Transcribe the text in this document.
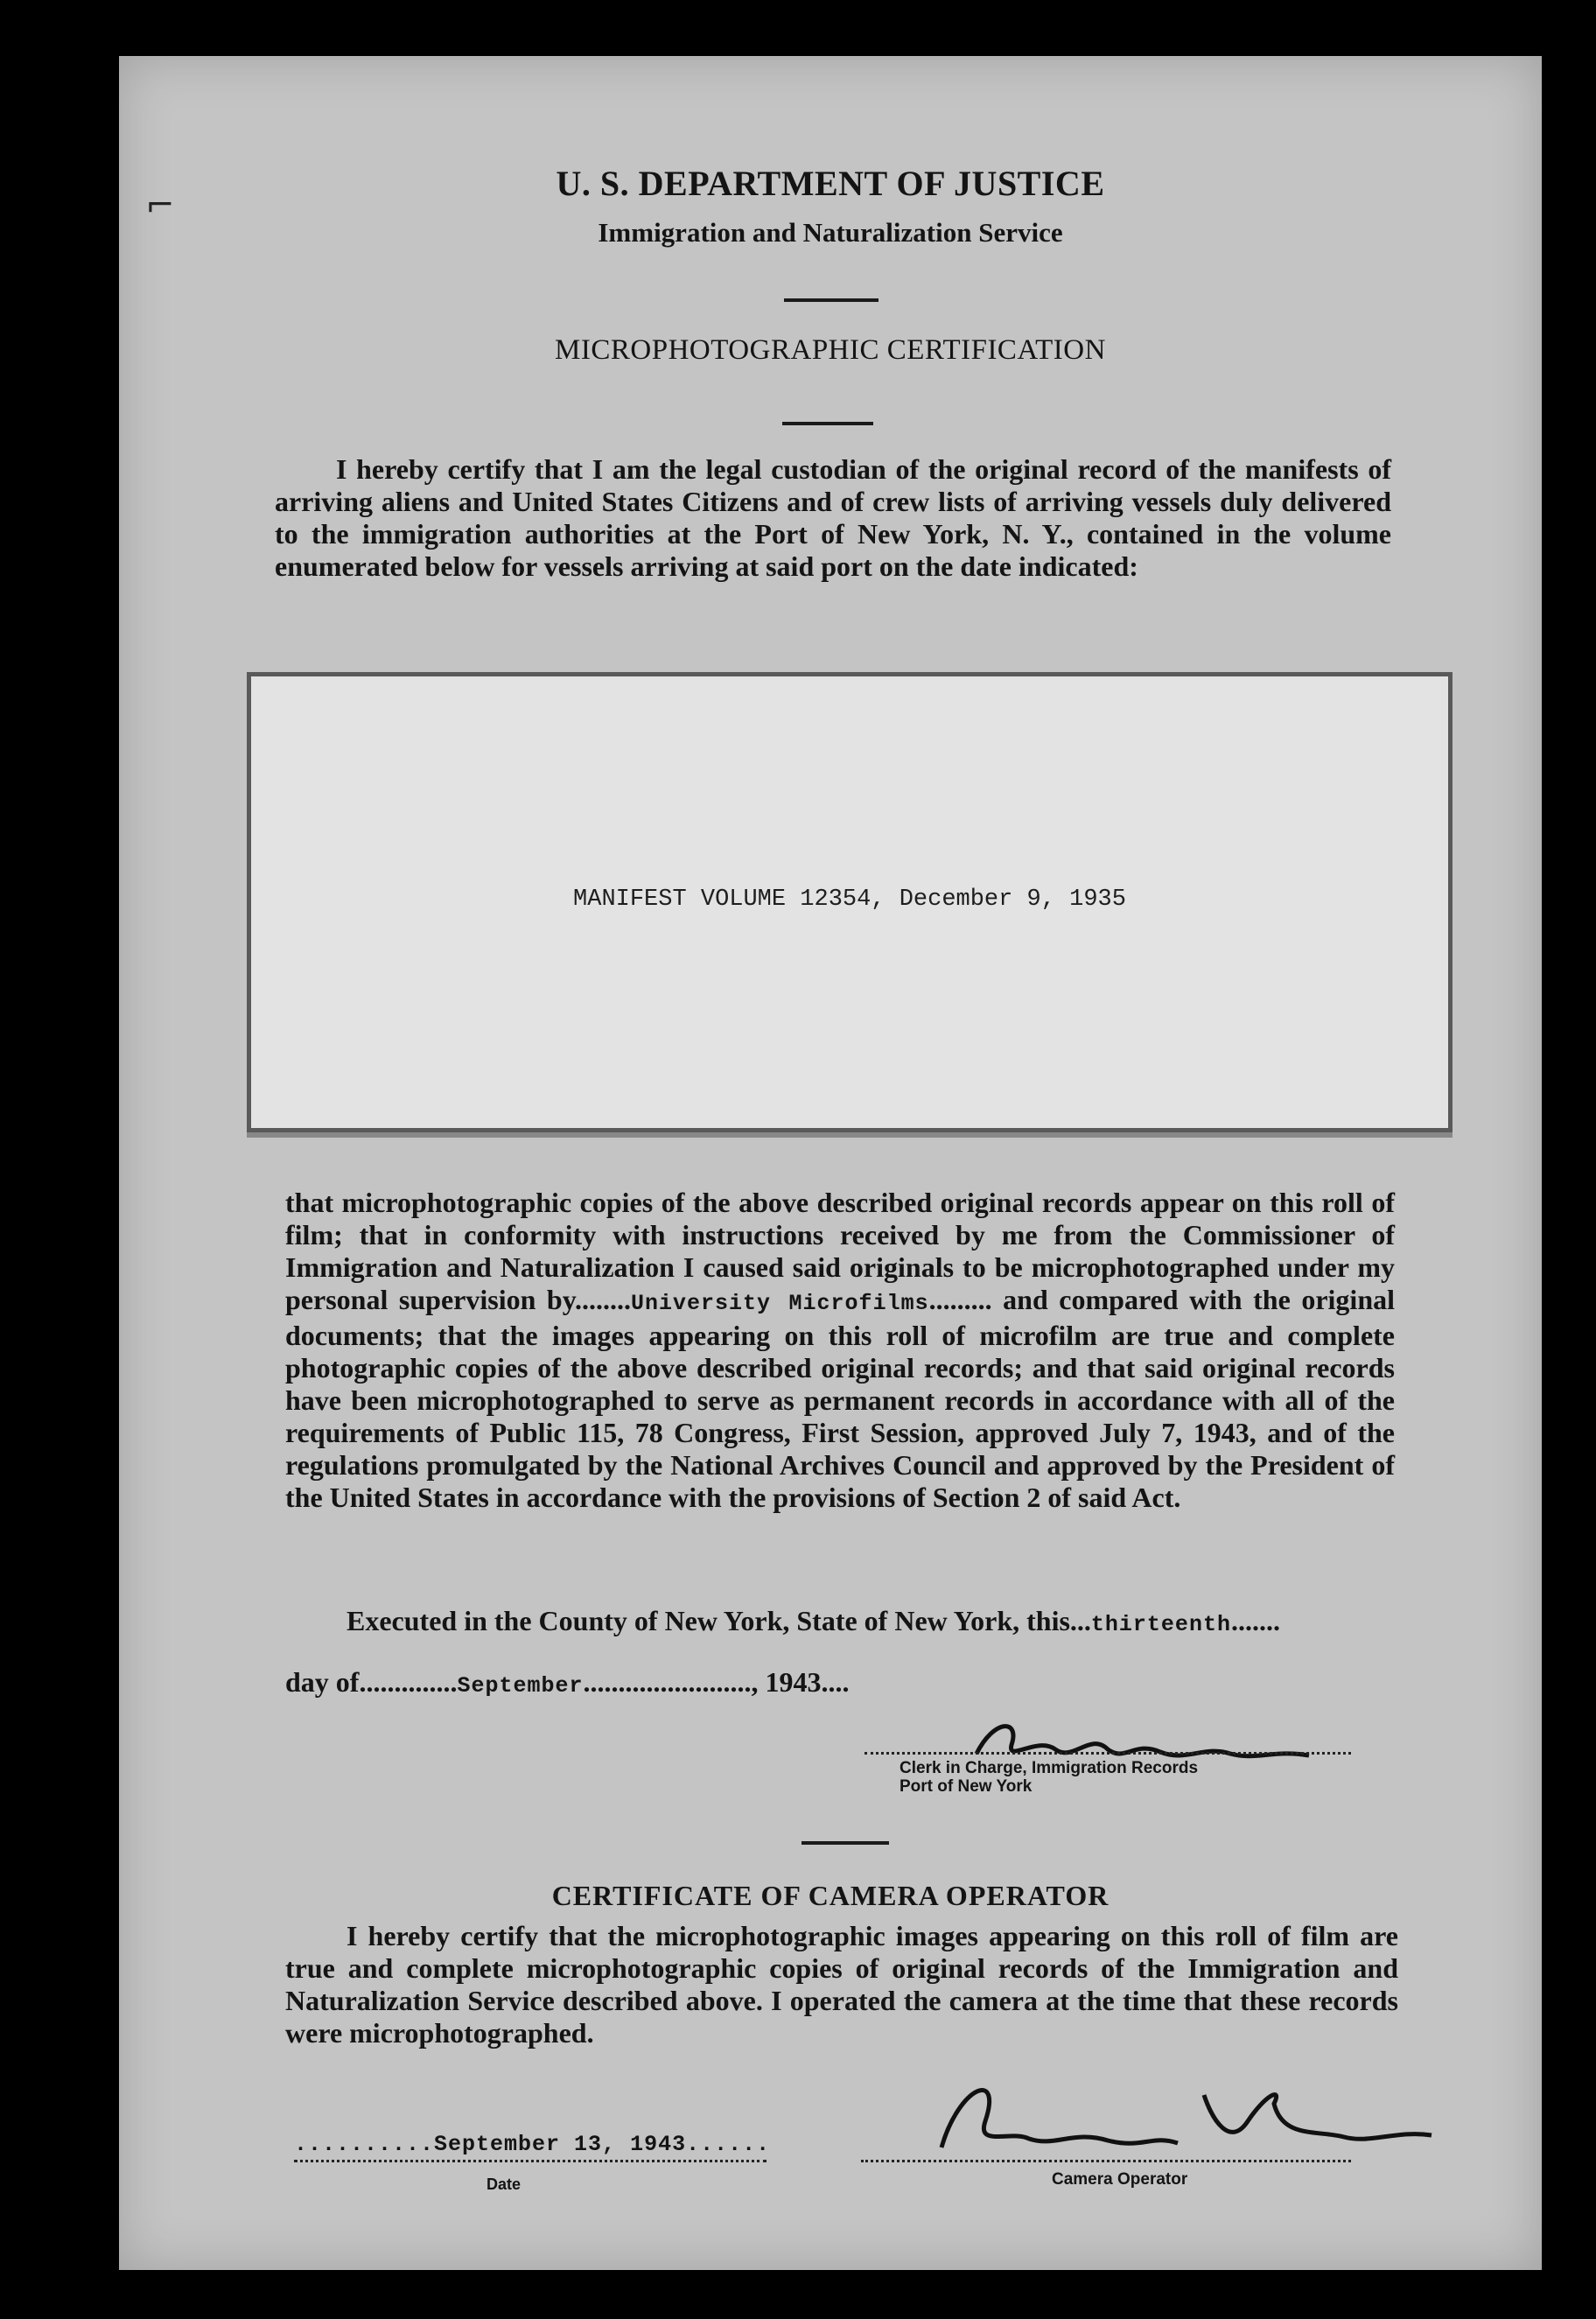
⌐
U. S. DEPARTMENT OF JUSTICE
Immigration and Naturalization Service
MICROPHOTOGRAPHIC CERTIFICATION
I hereby certify that I am the legal custodian of the original record of the manifests of arriving aliens and United States Citizens and of crew lists of arriving vessels duly delivered to the immigration authorities at the Port of New York, N. Y., contained in the volume enumerated below for vessels arriving at said port on the date indicated:
MANIFEST VOLUME 12354, December 9, 1935
that microphotographic copies of the above described original records appear on this roll of film; that in conformity with instructions received by me from the Commissioner of Immigration and Naturalization I caused said originals to be microphotographed under my personal supervision by........University Microfilms......... and compared with the original documents; that the images appearing on this roll of microfilm are true and complete photographic copies of the above described original records; and that said original records have been microphotographed to serve as permanent records in accordance with all of the requirements of Public 115, 78 Congress, First Session, approved July 7, 1943, and of the regulations promulgated by the National Archives Council and approved by the President of the United States in accordance with the provisions of Section 2 of said Act.
Executed in the County of New York, State of New York, this...thirteenth.......
day of..............September........................, 1943....
Clerk in Charge, Immigration Records
Port of New York
CERTIFICATE OF CAMERA OPERATOR
I hereby certify that the microphotographic images appearing on this roll of film are true and complete microphotographic copies of original records of the Immigration and Naturalization Service described above. I operated the camera at the time that these records were microphotographed.
..........September 13, 1943......
Date	Camera Operator
